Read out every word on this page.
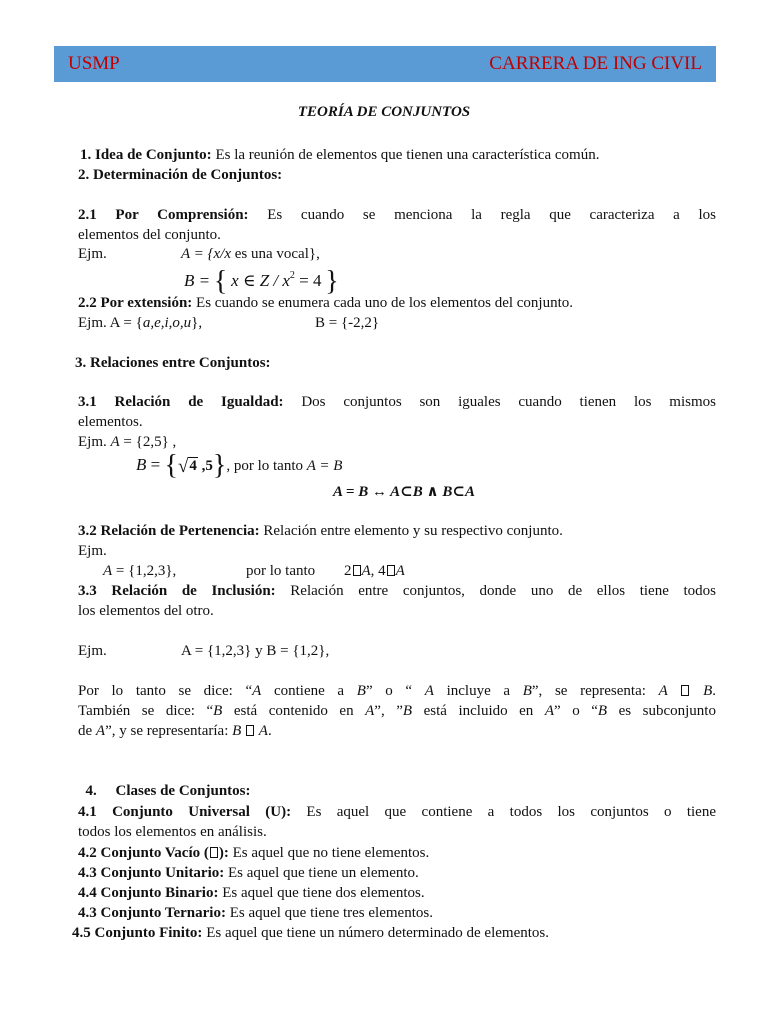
USMP	CARRERA DE ING CIVIL
TEORÍA DE CONJUNTOS
1. Idea de Conjunto: Es la reunión de elementos que tienen una característica común.
2. Determinación de Conjuntos:
2.1 Por Comprensión: Es cuando se menciona la regla que caracteriza a los
elementos del conjunto.
Ejm.	A = {x/x es una vocal},
B = { x ∈ $Z / x^2 = 4$ }
2.2 Por extensión: Es cuando se enumera cada uno de los elementos del conjunto.
Ejm. A = {a,e,i,o,u},	B = {-2,2}
3. Relaciones entre Conjuntos:
3.1 Relación de Igualdad: Dos conjuntos son iguales cuando tienen los mismos
elementos.
Ejm. A = {2,5} ,
B = {√4 ,5}, por lo tanto A = B
A = B ↔ A⊂B ∧ B⊂A
3.2 Relación de Pertenencia: Relación entre elemento y su respectivo conjunto.
Ejm.
A = {1,2,3},	por lo tanto 2 A, 4 A
3.3 Relación de Inclusión: Relación entre conjuntos, donde uno de ellos tiene todos
los elementos del otro.
Ejm.	A = {1,2,3} y B = {1,2},
Por lo tanto se dice: “A contiene a B” o “ A incluye a B”, se representa: A B.
También se dice: “B está contenido en A”, ”B está incluido en A” o “B es subconjunto
de A”, y se representaría: B A.

4.     Clases de Conjuntos:

4.1 Conjunto Universal (U): Es aquel que contiene a todos los conjuntos o tiene
todos los elementos en análisis.
4.2 Conjunto Vacío ( ): Es aquel que no tiene elementos.
4.3 Conjunto Unitario: Es aquel que tiene un elemento.
4.4 Conjunto Binario: Es aquel que tiene dos elementos.
4.3 Conjunto Ternario: Es aquel que tiene tres elementos.
4.5 Conjunto Finito: Es aquel que tiene un número determinado de elementos.
